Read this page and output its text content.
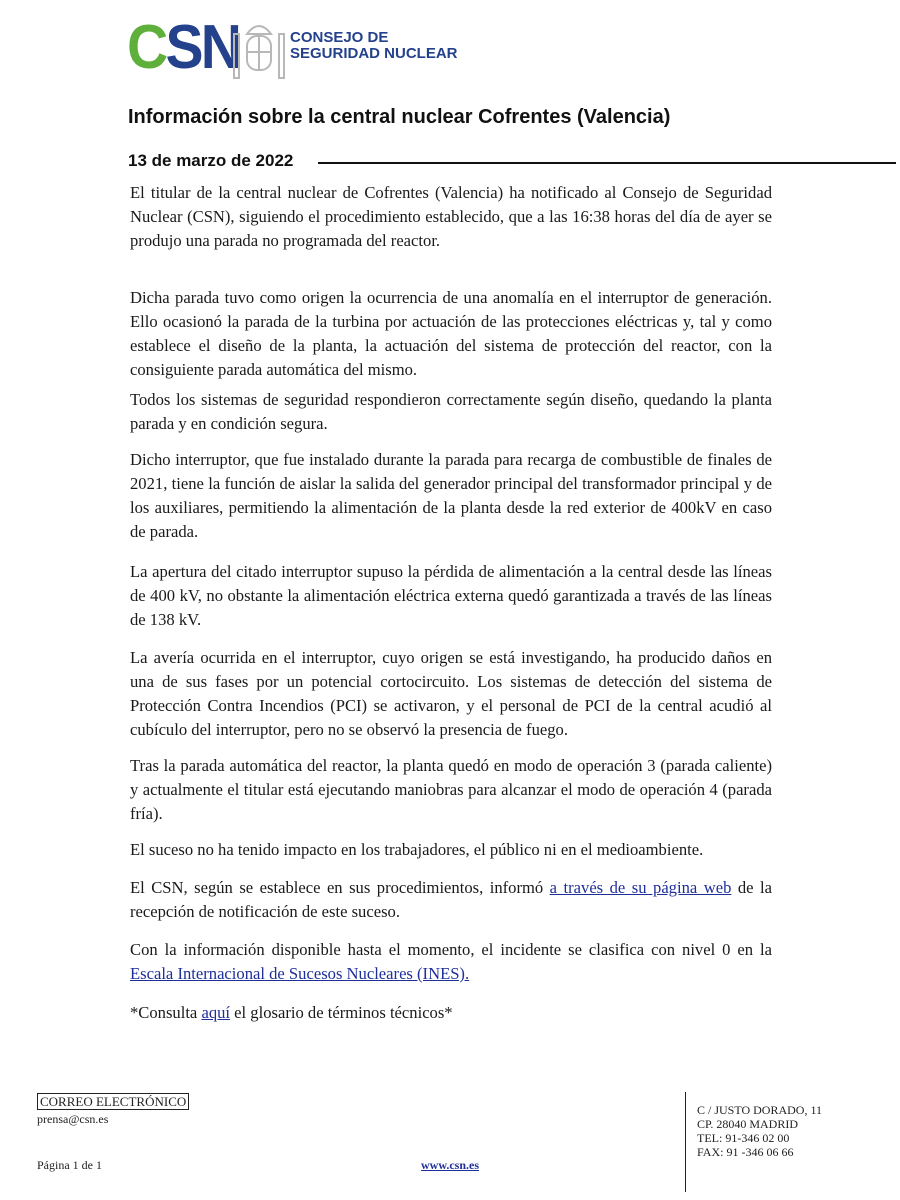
CSN	CONSEJO DE
SEGURIDAD NUCLEAR
Información sobre la central nuclear Cofrentes (Valencia)
13 de marzo de 2022

El titular de la central nuclear de Cofrentes (Valencia) ha notificado al Consejo de Seguridad Nuclear (CSN), siguiendo el procedimiento establecido, que a las 16:38 horas del día de ayer se produjo una parada no programada del reactor.

Dicha parada tuvo como origen la ocurrencia de una anomalía en el interruptor de generación. Ello ocasionó la parada de la turbina por actuación de las protecciones eléctricas y, tal y como establece el diseño de la planta, la actuación del sistema de protección del reactor, con la consiguiente parada automática del mismo.

Todos los sistemas de seguridad respondieron correctamente según diseño, quedando la planta parada y en condición segura.

Dicho interruptor, que fue instalado durante la parada para recarga de combustible de finales de 2021, tiene la función de aislar la salida del generador principal del transformador principal y de los auxiliares, permitiendo la alimentación de la planta desde la red exterior de 400kV en caso de parada.

La apertura del citado interruptor supuso la pérdida de alimentación a la central desde las líneas de 400 kV, no obstante la alimentación eléctrica externa quedó garantizada a través de las líneas de 138 kV.

La avería ocurrida en el interruptor, cuyo origen se está investigando, ha producido daños en una de sus fases por un potencial cortocircuito. Los sistemas de detección del sistema de Protección Contra Incendios (PCI) se activaron, y el personal de PCI de la central acudió al cubículo del interruptor, pero no se observó la presencia de fuego.

Tras la parada automática del reactor, la planta quedó en modo de operación 3 (parada caliente) y actualmente el titular está ejecutando maniobras para alcanzar el modo de operación 4 (parada fría).

El suceso no ha tenido impacto en los trabajadores, el público ni en el medioambiente.

El CSN, según se establece en sus procedimientos, informó a través de su página web de la recepción de notificación de este suceso.

Con la información disponible hasta el momento, el incidente se clasifica con nivel 0 en la Escala Internacional de Sucesos Nucleares (INES).

*Consulta aquí el glosario de términos técnicos*

CORREO ELECTRÓNICO
prensa@csn.es
Página 1 de 1	www.csn.es
C / JUSTO DORADO, 11
CP. 28040 MADRID
TEL: 91-346 02 00
FAX: 91 -346 06 66
